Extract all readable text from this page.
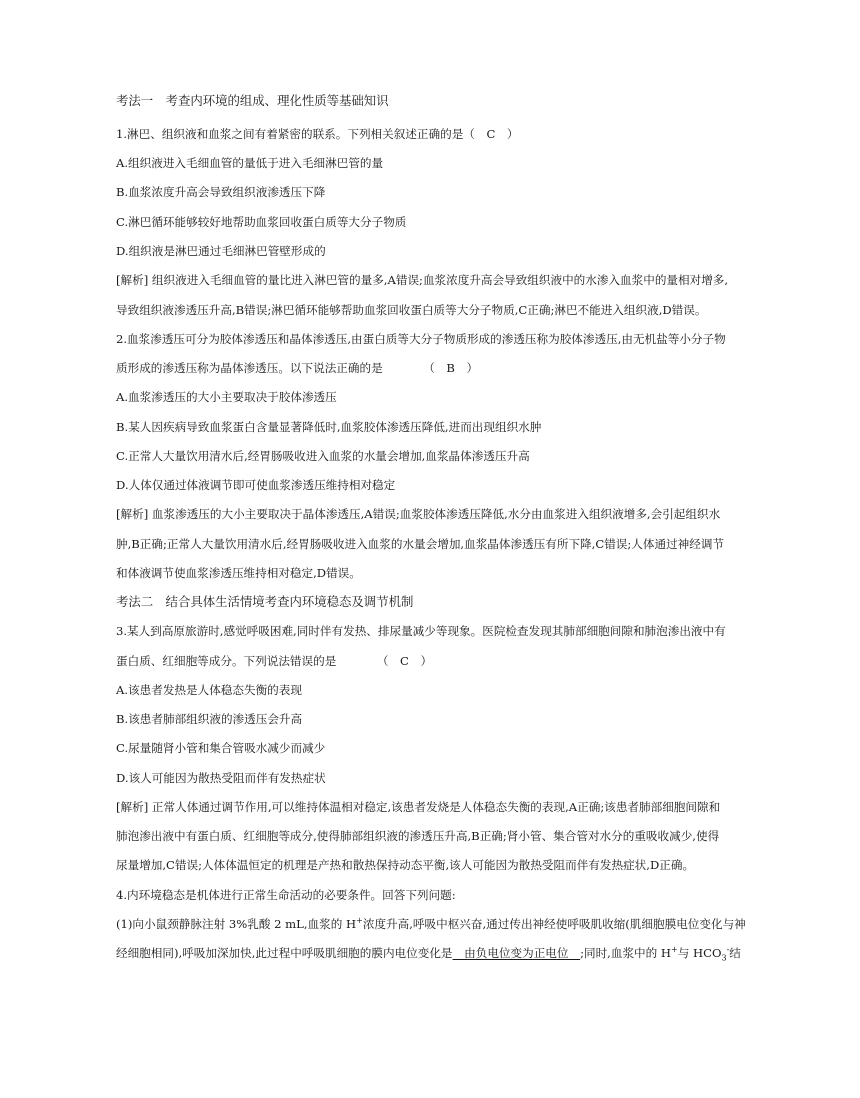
考法一　考查内环境的组成、理化性质等基础知识
1.淋巴、组织液和血浆之间有着紧密的联系。下列相关叙述正确的是（　C　）
A.组织液进入毛细血管的量低于进入毛细淋巴管的量
B.血浆浓度升高会导致组织液渗透压下降
C.淋巴循环能够较好地帮助血浆回收蛋白质等大分子物质
D.组织液是淋巴通过毛细淋巴管壁形成的
[解析] 组织液进入毛细血管的量比进入淋巴管的量多,A错误;血浆浓度升高会导致组织液中的水渗入血浆中的量相对增多,
导致组织液渗透压升高,B错误;淋巴循环能够帮助血浆回收蛋白质等大分子物质,C正确;淋巴不能进入组织液,D错误。
2.血浆渗透压可分为胶体渗透压和晶体渗透压,由蛋白质等大分子物质形成的渗透压称为胶体渗透压,由无机盐等小分子物
质形成的渗透压称为晶体渗透压。以下说法正确的是　　　　（　B　）
A.血浆渗透压的大小主要取决于胶体渗透压
B.某人因疾病导致血浆蛋白含量显著降低时,血浆胶体渗透压降低,进而出现组织水肿
C.正常人大量饮用清水后,经胃肠吸收进入血浆的水量会增加,血浆晶体渗透压升高
D.人体仅通过体液调节即可使血浆渗透压维持相对稳定
[解析] 血浆渗透压的大小主要取决于晶体渗透压,A错误;血浆胶体渗透压降低,水分由血浆进入组织液增多,会引起组织水
肿,B正确;正常人大量饮用清水后,经胃肠吸收进入血浆的水量会增加,血浆晶体渗透压有所下降,C错误;人体通过神经调节
和体液调节使血浆渗透压维持相对稳定,D错误。
考法二　结合具体生活情境考查内环境稳态及调节机制
3.某人到高原旅游时,感觉呼吸困难,同时伴有发热、排尿量减少等现象。医院检查发现其肺部细胞间隙和肺泡渗出液中有
蛋白质、红细胞等成分。下列说法错误的是　　　　（　C　）
A.该患者发热是人体稳态失衡的表现
B.该患者肺部组织液的渗透压会升高
C.尿量随肾小管和集合管吸水减少而减少
D.该人可能因为散热受阻而伴有发热症状
[解析] 正常人体通过调节作用,可以维持体温相对稳定,该患者发烧是人体稳态失衡的表现,A正确;该患者肺部细胞间隙和
肺泡渗出液中有蛋白质、红细胞等成分,使得肺部组织液的渗透压升高,B正确;肾小管、集合管对水分的重吸收减少,使得
尿量增加,C错误;人体体温恒定的机理是产热和散热保持动态平衡,该人可能因为散热受阻而伴有发热症状,D正确。
4.内环境稳态是机体进行正常生命活动的必要条件。回答下列问题:
(1)向小鼠颈静脉注射 3%乳酸 2 mL,血浆的 H+浓度升高,呼吸中枢兴奋,通过传出神经使呼吸肌收缩(肌细胞膜电位变化与神
经细胞相同),呼吸加深加快,此过程中呼吸肌细胞的膜内电位变化是　由负电位变为正电位　;同时,血浆中的 H+与 $HCO_3^-$结
